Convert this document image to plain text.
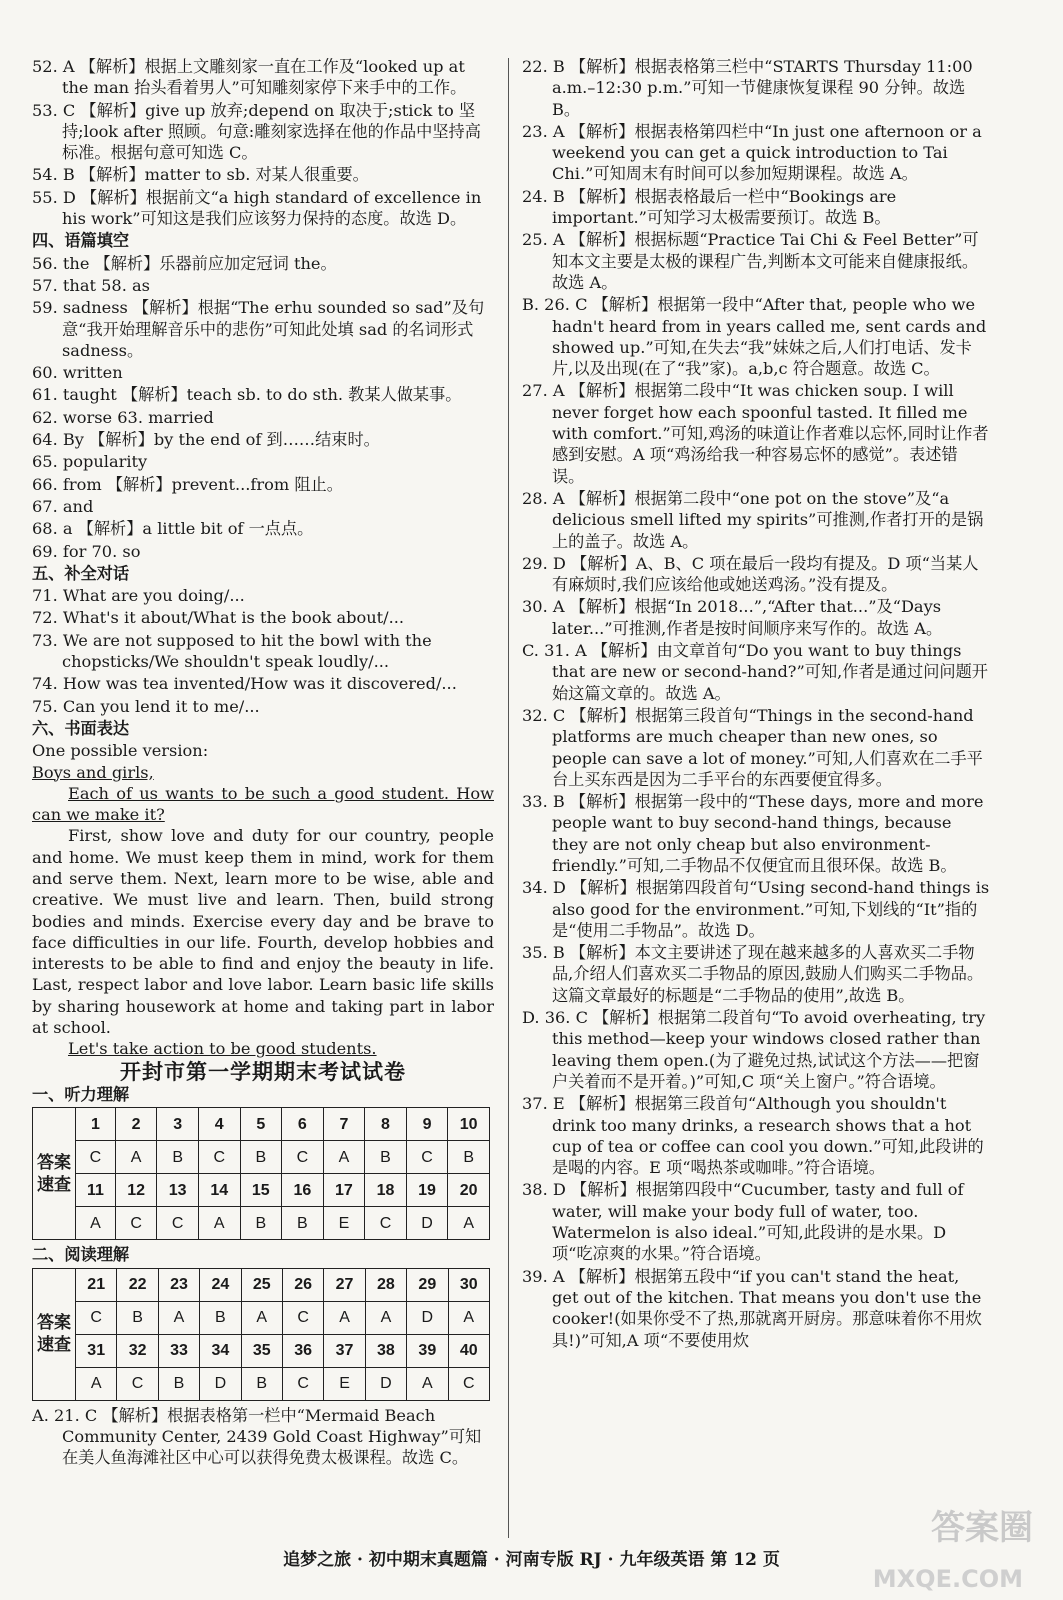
52. A 【解析】根据上文雕刻家一直在工作及“looked up at the man 抬头看着男人”可知雕刻家停下来手中的工作。
53. C 【解析】give up 放弃;depend on 取决于;stick to 坚持;look after 照顾。句意:雕刻家选择在他的作品中坚持高标准。根据句意可知选 C。
54. B 【解析】matter to sb. 对某人很重要。
55. D 【解析】根据前文“a high standard of excellence in his work”可知这是我们应该努力保持的态度。故选 D。
四、语篇填空
56. the 【解析】乐器前应加定冠词 the。
57. that 58. as
59. sadness 【解析】根据“The erhu sounded so sad”及句意“我开始理解音乐中的悲伤”可知此处填 sad 的名词形式 sadness。
60. written
61. taught 【解析】teach sb. to do sth. 教某人做某事。
62. worse 63. married
64. By 【解析】by the end of 到……结束时。
65. popularity
66. from 【解析】prevent...from 阻止。
67. and
68. a 【解析】a little bit of 一点点。
69. for 70. so
五、补全对话
71. What are you doing/...
72. What's it about/What is the book about/...
73. We are not supposed to hit the bowl with the chopsticks/We shouldn't speak loudly/...
74. How was tea invented/How was it discovered/...
75. Can you lend it to me/...
六、书面表达

One possible version:

Boys and girls,

Each of us wants to be such a good student. How can we make it?

First, show love and duty for our country, people and home. We must keep them in mind, work for them and serve them. Next, learn more to be wise, able and creative. We must live and learn. Then, build strong bodies and minds. Exercise every day and be brave to face difficulties in our life. Fourth, develop hobbies and interests to be able to find and enjoy the beauty in life. Last, respect labor and love labor. Learn basic life skills by sharing housework at home and taking part in labor at school.

Let's take action to be good students.

开封市第一学期期末考试试卷
一、听力理解
答案速查	1	2	3	4	5	6	7	8	9	10
	C	A	B	C	B	C	A	B	C	B
	11	12	13	14	15	16	17	18	19	20
	A	C	C	A	B	B	E	C	D	A
二、阅读理解
答案速查	21	22	23	24	25	26	27	28	29	30
	C	B	A	B	A	C	A	A	D	A
	31	32	33	34	35	36	37	38	39	40
	A	C	B	D	B	C	E	D	A	C
A. 21. C 【解析】根据表格第一栏中“Mermaid Beach Community Center, 2439 Gold Coast Highway”可知在美人鱼海滩社区中心可以获得免费太极课程。故选 C。
22. B 【解析】根据表格第三栏中“STARTS Thursday 11:00 a.m.–12:30 p.m.”可知一节健康恢复课程 90 分钟。故选 B。
23. A 【解析】根据表格第四栏中“In just one afternoon or a weekend you can get a quick introduction to Tai Chi.”可知周末有时间可以参加短期课程。故选 A。
24. B 【解析】根据表格最后一栏中“Bookings are important.”可知学习太极需要预订。故选 B。
25. A 【解析】根据标题“Practice Tai Chi & Feel Better”可知本文主要是太极的课程广告,判断本文可能来自健康报纸。故选 A。
B. 26. C 【解析】根据第一段中“After that, people who we hadn't heard from in years called me, sent cards and showed up.”可知,在失去“我”妹妹之后,人们打电话、发卡片,以及出现(在了“我”家)。a,b,c 符合题意。故选 C。
27. A 【解析】根据第二段中“It was chicken soup. I will never forget how each spoonful tasted. It filled me with comfort.”可知,鸡汤的味道让作者难以忘怀,同时让作者感到安慰。A 项“鸡汤给我一种容易忘怀的感觉”。表述错误。
28. A 【解析】根据第二段中“one pot on the stove”及“a delicious smell lifted my spirits”可推测,作者打开的是锅上的盖子。故选 A。
29. D 【解析】A、B、C 项在最后一段均有提及。D 项“当某人有麻烦时,我们应该给他或她送鸡汤。”没有提及。
30. A 【解析】根据“In 2018...”,“After that...”及“Days later...”可推测,作者是按时间顺序来写作的。故选 A。
C. 31. A 【解析】由文章首句“Do you want to buy things that are new or second-hand?”可知,作者是通过问问题开始这篇文章的。故选 A。
32. C 【解析】根据第三段首句“Things in the second-hand platforms are much cheaper than new ones, so people can save a lot of money.”可知,人们喜欢在二手平台上买东西是因为二手平台的东西要便宜得多。
33. B 【解析】根据第一段中的“These days, more and more people want to buy second-hand things, because they are not only cheap but also environment-friendly.”可知,二手物品不仅便宜而且很环保。故选 B。
34. D 【解析】根据第四段首句“Using second-hand things is also good for the environment.”可知,下划线的“It”指的是“使用二手物品”。故选 D。
35. B 【解析】本文主要讲述了现在越来越多的人喜欢买二手物品,介绍人们喜欢买二手物品的原因,鼓励人们购买二手物品。这篇文章最好的标题是“二手物品的使用”,故选 B。
D. 36. C 【解析】根据第二段首句“To avoid overheating, try this method—keep your windows closed rather than leaving them open.(为了避免过热,试试这个方法——把窗户关着而不是开着。)”可知,C 项“关上窗户。”符合语境。
37. E 【解析】根据第三段首句“Although you shouldn't drink too many drinks, a research shows that a hot cup of tea or coffee can cool you down.”可知,此段讲的是喝的内容。E 项“喝热茶或咖啡。”符合语境。
38. D 【解析】根据第四段中“Cucumber, tasty and full of water, will make your body full of water, too. Watermelon is also ideal.”可知,此段讲的是水果。D 项“吃凉爽的水果。”符合语境。
39. A 【解析】根据第五段中“if you can't stand the heat, get out of the kitchen. That means you don't use the cooker!(如果你受不了热,那就离开厨房。那意味着你不用炊具!)”可知,A 项“不要使用炊
追梦之旅 · 初中期末真题篇 · 河南专版 RJ · 九年级英语 第 12 页
答案圈
MXQE.COM
